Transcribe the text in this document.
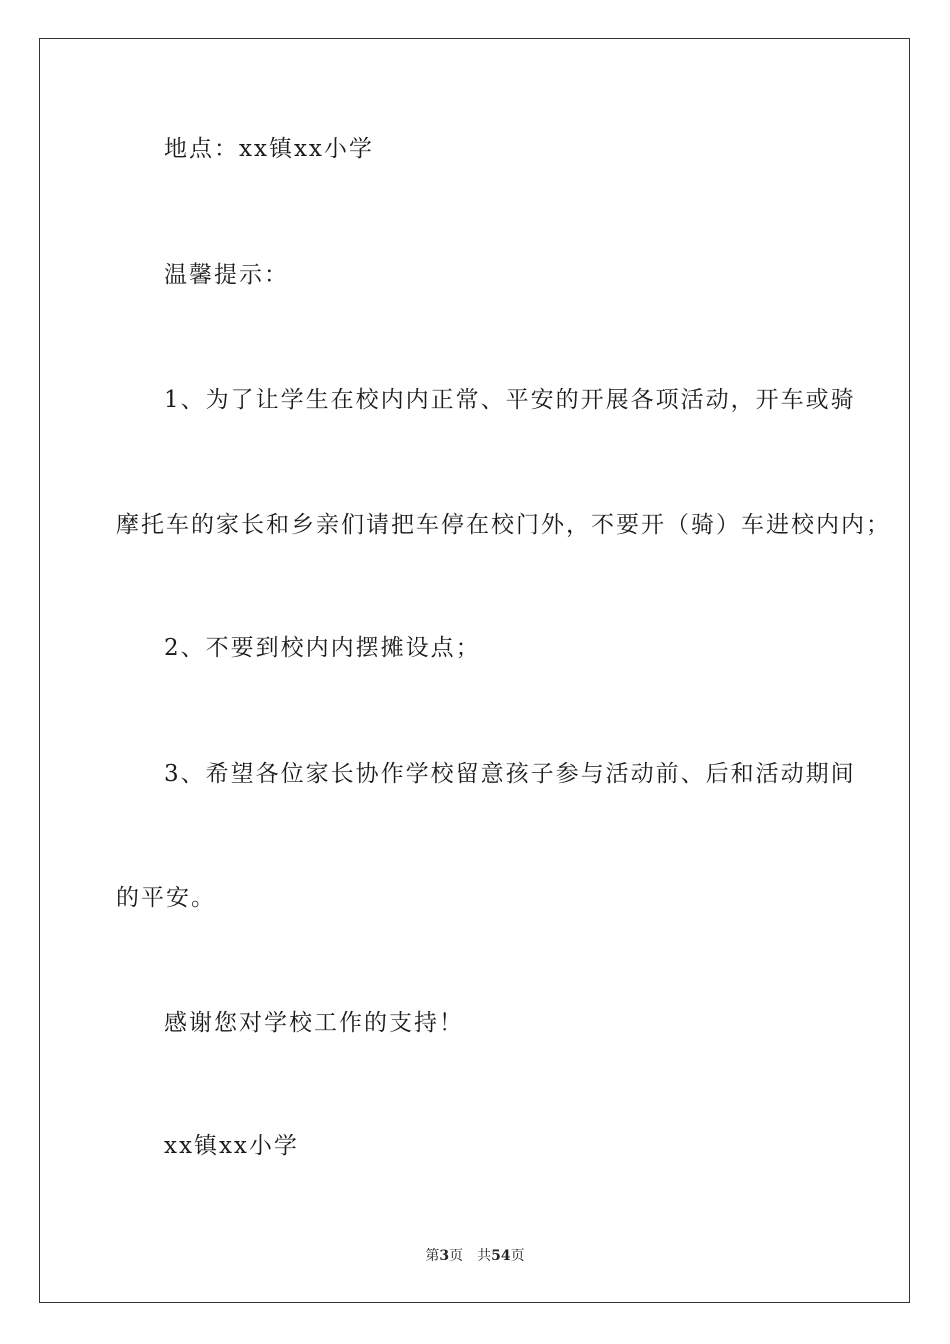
地点：xx镇xx小学
温馨提示：
1、为了让学生在校内内正常、平安的开展各项活动，开车或骑
摩托车的家长和乡亲们请把车停在校门外，不要开（骑）车进校内内；
2、不要到校内内摆摊设点；
3、希望各位家长协作学校留意孩子参与活动前、后和活动期间
的平安。
感谢您对学校工作的支持！
xx镇xx小学
第3页 共54页
